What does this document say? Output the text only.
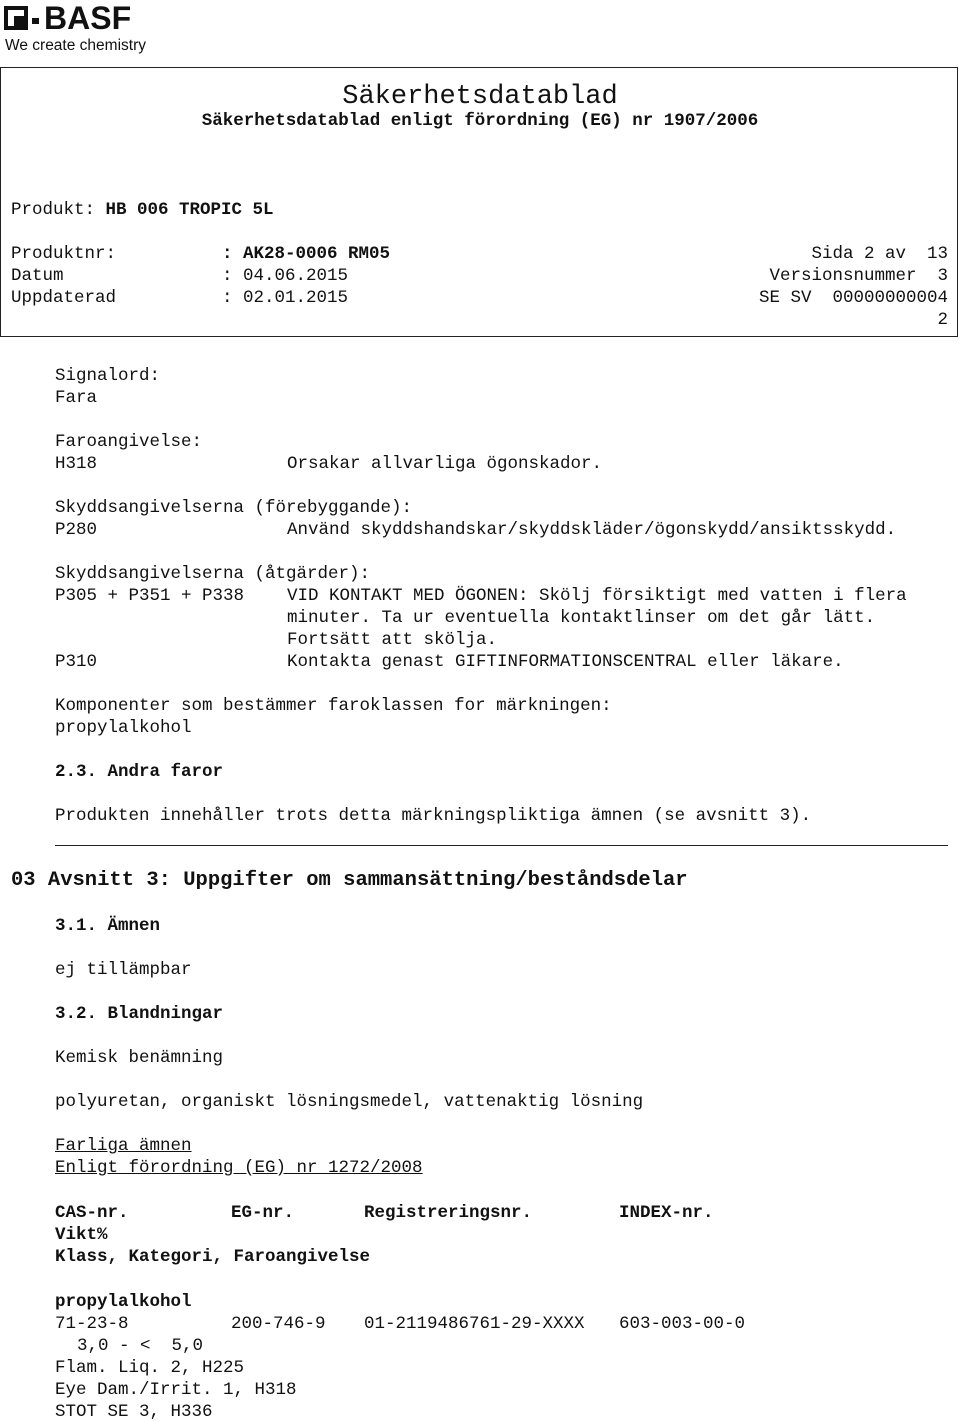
BASF
We create chemistry
Säkerhetsdatablad
Säkerhetsdatablad enligt förordning (EG) nr 1907/2006
Produkt: HB 006 TROPIC 5L
Produktnr:	: AK28-0006 RM05
Datum	: 04.06.2015
Uppdaterad	: 02.01.2015
Sida 2 av  13
Versionsnummer  3
SE SV  00000000004
2
Signalord:
Fara
Faroangivelse:
H318	Orsakar allvarliga ögonskador.
Skyddsangivelserna (förebyggande):
P280	Använd skyddshandskar/skyddskläder/ögonskydd/ansiktsskydd.
Skyddsangivelserna (åtgärder):
P305 + P351 + P338 VID KONTAKT MED ÖGONEN: Skölj försiktigt med vatten i flera
minuter. Ta ur eventuella kontaktlinser om det går lätt.
Fortsätt att skölja.
P310	Kontakta genast GIFTINFORMATIONSCENTRAL eller läkare.
Komponenter som bestämmer faroklassen for märkningen:
propylalkohol
2.3. Andra faror
Produkten innehåller trots detta märkningspliktiga ämnen (se avsnitt 3).
03 Avsnitt 3: Uppgifter om sammansättning/beståndsdelar
3.1. Ämnen
ej tillämpbar
3.2. Blandningar
Kemisk benämning
polyuretan, organiskt lösningsmedel, vattenaktig lösning
Farliga ämnen
Enligt förordning (EG) nr 1272/2008
CAS-nr.	EG-nr.	Registreringsnr.	INDEX-nr.
Vikt%
Klass, Kategori, Faroangivelse
propylalkohol
71-23-8	200-746-9 01-2119486761-29-XXXX 603-003-00-0
3,0 - <  5,0
Flam. Liq. 2, H225
Eye Dam./Irrit. 1, H318
STOT SE 3, H336
